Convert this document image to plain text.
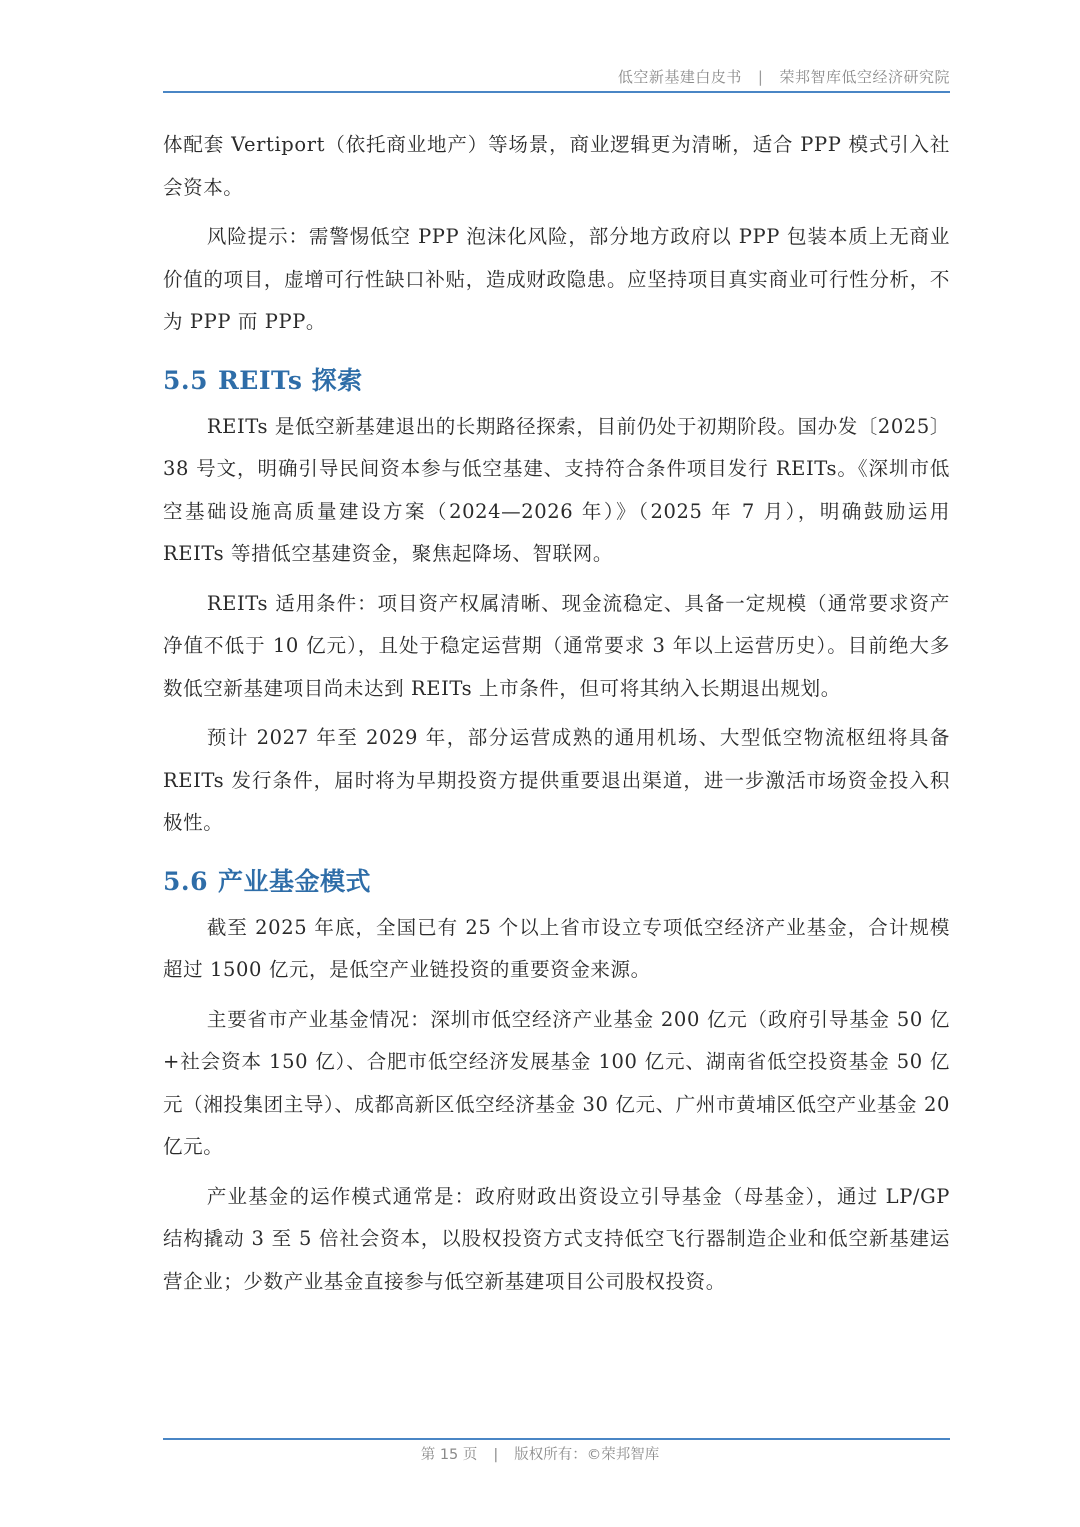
低空新基建白皮书 | 荣邦智库低空经济研究院

体配套 Vertiport（依托商业地产）等场景，商业逻辑更为清晰，适合 PPP 模式引入社会资本。

风险提示：需警惕低空 PPP 泡沫化风险，部分地方政府以 PPP 包装本质上无商业价值的项目，虚增可行性缺口补贴，造成财政隐患。应坚持项目真实商业可行性分析，不为 PPP 而 PPP。

5.5 REITs 探索

REITs 是低空新基建退出的长期路径探索，目前仍处于初期阶段。国办发〔2025〕38 号文，明确引导民间资本参与低空基建、支持符合条件项目发行 REITs。《深圳市低空基础设施高质量建设方案（2024—2026 年）》（2025 年 7 月），明确鼓励运用 REITs 等措低空基建资金，聚焦起降场、智联网。

REITs 适用条件：项目资产权属清晰、现金流稳定、具备一定规模（通常要求资产净值不低于 10 亿元），且处于稳定运营期（通常要求 3 年以上运营历史）。目前绝大多数低空新基建项目尚未达到 REITs 上市条件，但可将其纳入长期退出规划。

预计 2027 年至 2029 年，部分运营成熟的通用机场、大型低空物流枢纽将具备 REITs 发行条件，届时将为早期投资方提供重要退出渠道，进一步激活市场资金投入积极性。

5.6 产业基金模式

截至 2025 年底，全国已有 25 个以上省市设立专项低空经济产业基金，合计规模超过 1500 亿元，是低空产业链投资的重要资金来源。

主要省市产业基金情况：深圳市低空经济产业基金 200 亿元（政府引导基金 50 亿+社会资本 150 亿）、合肥市低空经济发展基金 100 亿元、湖南省低空投资基金 50 亿元（湘投集团主导）、成都高新区低空经济基金 30 亿元、广州市黄埔区低空产业基金 20 亿元。

产业基金的运作模式通常是：政府财政出资设立引导基金（母基金），通过 LP/GP 结构撬动 3 至 5 倍社会资本，以股权投资方式支持低空飞行器制造企业和低空新基建运营企业；少数产业基金直接参与低空新基建项目公司股权投资。

第 15 页 | 版权所有：©荣邦智库
